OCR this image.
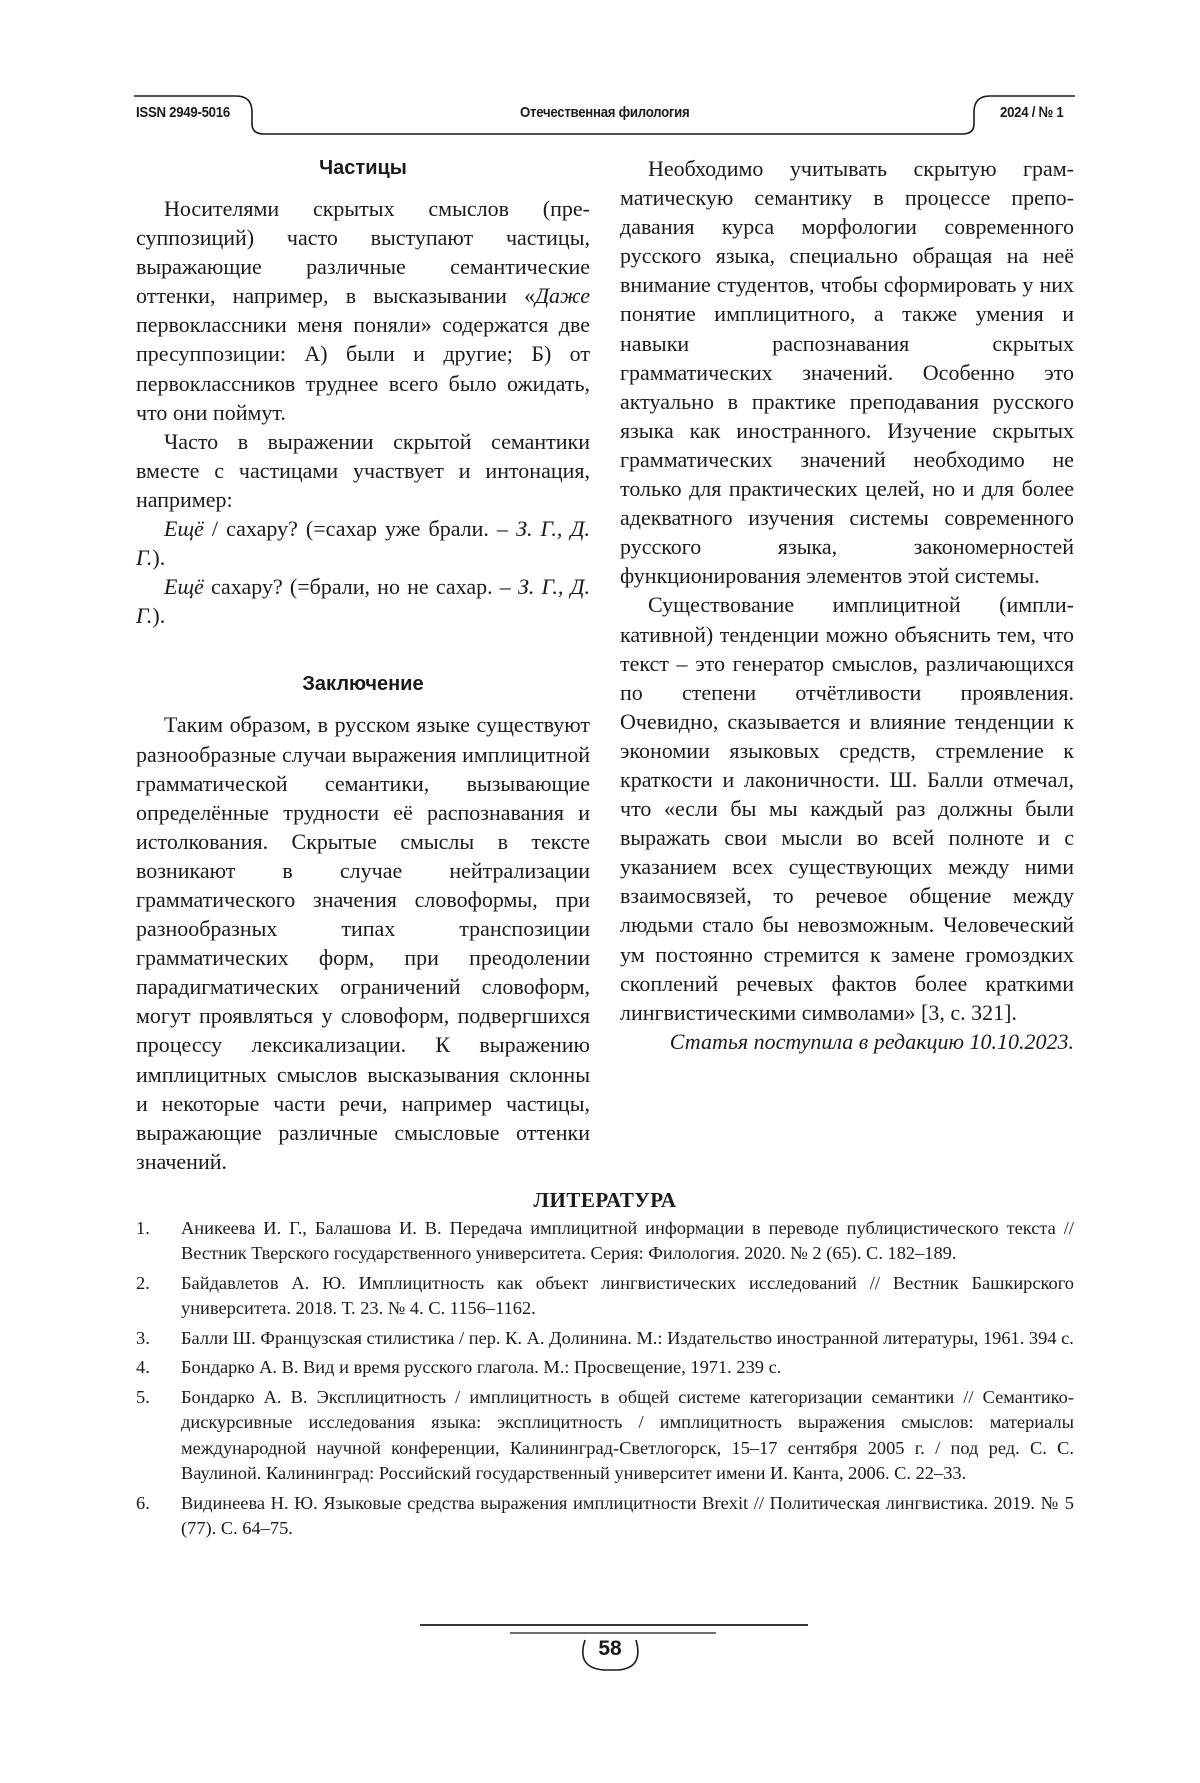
ISSN 2949-5016	Отечественная филология	2024 / № 1
Частицы

Носителями скрытых смыслов (пресуппозиций) часто выступают частицы, выражающие различные семантические оттенки, например, в высказывании «Даже первоклассники меня поняли» содержатся две пресуппозиции: А) были и другие; Б) от первоклассников труднее всего было ожидать, что они поймут.

Часто в выражении скрытой семантики вместе с частицами участвует и интонация, например:

Ещё / сахару? (=сахар уже брали. – З. Г., Д. Г.).

Ещё сахару? (=брали, но не сахар. – З. Г., Д. Г.).

Заключение

Таким образом, в русском языке существуют разнообразные случаи выражения имплицитной грамматической семантики, вызывающие определённые трудности её распознавания и истолкования. Скрытые смыслы в тексте возникают в случае нейтрализации грамматического значения словоформы, при разнообразных типах транспозиции грамматических форм, при преодолении парадигматических ограничений словоформ, могут проявляться у словоформ, подвергшихся процессу лексикализации. К выражению имплицитных смыслов высказывания склонны и некоторые части речи, например частицы, выражающие различные смысловые оттенки значений.

Необходимо учитывать скрытую грамматическую семантику в процессе преподавания курса морфологии современного русского языка, специально обращая на неё внимание студентов, чтобы сформировать у них понятие имплицитного, а также умения и навыки распознавания скрытых грамматических значений. Особенно это актуально в практике преподавания русского языка как иностранного. Изучение скрытых грамматических значений необходимо не только для практических целей, но и для более адекватного изучения системы современного русского языка, закономерностей функционирования элементов этой системы.

Существование имплицитной (импликативной) тенденции можно объяснить тем, что текст – это генератор смыслов, различающихся по степени отчётливости проявления. Очевидно, сказывается и влияние тенденции к экономии языковых средств, стремление к краткости и лаконичности. Ш. Балли отмечал, что «если бы мы каждый раз должны были выражать свои мысли во всей полноте и с указанием всех существующих между ними взаимосвязей, то речевое общение между людьми стало бы невозможным. Человеческий ум постоянно стремится к замене громоздких скоплений речевых фактов более краткими лингвистическими символами» [3, с. 321].

Статья поступила в редакцию 10.10.2023.

ЛИТЕРАТУРА
1.	Аникеева И. Г., Балашова И. В. Передача имплицитной информации в переводе публицистического текста // Вестник Тверского государственного университета. Серия: Филология. 2020. № 2 (65). С. 182–189.
2.	Байдавлетов А. Ю. Имплицитность как объект лингвистических исследований // Вестник Башкирского университета. 2018. Т. 23. № 4. С. 1156–1162.
3.	Балли Ш. Французская стилистика / пер. К. А. Долинина. М.: Издательство иностранной литературы, 1961. 394 с.
4.	Бондарко А. В. Вид и время русского глагола. М.: Просвещение, 1971. 239 с.
5.	Бондарко А. В. Эксплицитность / имплицитность в общей системе категоризации семантики // Семантико-дискурсивные исследования языка: эксплицитность / имплицитность выражения смыслов: материалы международной научной конференции, Калининград-Светлогорск, 15–17 сентября 2005 г. / под ред. С. С. Ваулиной. Калининград: Российский государственный университет имени И. Канта, 2006. С. 22–33.
6.	Видинеева Н. Ю. Языковые средства выражения имплицитности Brexit // Политическая лингвистика. 2019. № 5 (77). С. 64–75.
58
